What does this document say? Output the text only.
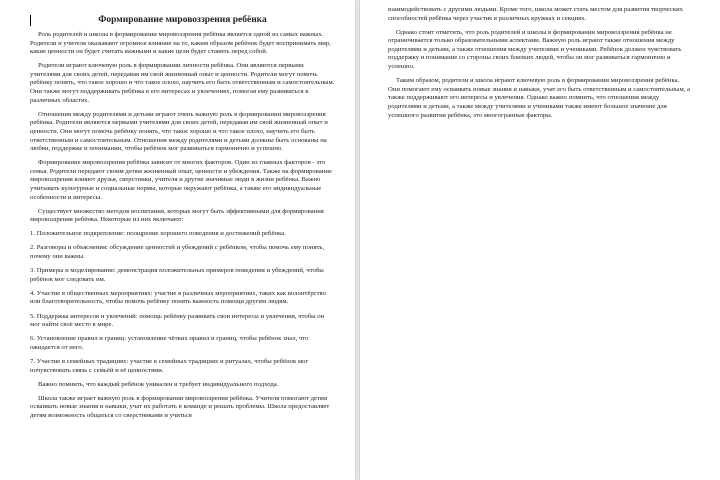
Формирование мировоззрения ребёнка

Роль родителей и школы в формировании мировоззрения ребёнка является одной из самых важных. Родители и учителя оказывают огромное влияние на то, каким образом ребёнок будет воспринимать мир, какие ценности он будет считать важными и какие цели будет ставить перед собой.

Родители играют ключевую роль в формировании личности ребёнка. Они являются первыми учителями для своих детей, передавая им свой жизненный опыт и ценности. Родители могут помочь ребёнку понять, что такое хорошо и что такое плохо, научить его быть ответственным и самостоятельным. Они также могут поддерживать ребёнка в его интересах и увлечениях, помогая ему развиваться в различных областях.

Отношения между родителями и детьми играют очень важную роль в формировании мировоззрения ребёнка. Родители являются первыми учителями для своих детей, передавая им свой жизненный опыт и ценности. Они могут помочь ребёнку понять, что такое хорошо и что такое плохо, научить его быть ответственным и самостоятельным. Отношения между родителями и детьми должны быть основаны на любви, поддержке и понимании, чтобы ребёнок мог развиваться гармонично и успешно.

Формирование мировоззрения ребёнка зависит от многих факторов. Один из главных факторов - это семья. Родители передают своим детям жизненный опыт, ценности и убеждения. Также на формирование мировоззрения влияют друзья, сверстники, учителя и другие значимые люди в жизни ребёнка. Важно учитывать культурные и социальные нормы, которые окружают ребёнка, а также его индивидуальные особенности и интересы.

Существует множество методов воспитания, которые могут быть эффективными для формирования мировоззрения ребёнка. Некоторые из них включают:

1. Положительное подкрепление: поощрение хорошего поведения и достижений ребёнка.

2. Разговоры и объяснения: обсуждение ценностей и убеждений с ребёнком, чтобы помочь ему понять, почему они важны.

3. Примеры и моделирование: демонстрация положительных примеров поведения и убеждений, чтобы ребёнок мог следовать им.

4. Участие в общественных мероприятиях: участие в различных мероприятиях, таких как волонтёрство или благотворительность, чтобы помочь ребёнку понять важность помощи другим людям.

5. Поддержка интересов и увлечений: помощь ребёнку развивать свои интересы и увлечения, чтобы он мог найти своё место в мире.

6. Установление правил и границ: установление чётких правил и границ, чтобы ребёнок знал, что ожидается от него.

7. Участие в семейных традициях: участие в семейных традициях и ритуалах, чтобы ребёнок мог почувствовать связь с семьёй и её ценностями.

Важно помнить, что каждый ребёнок уникален и требует индивидуального подхода.

Школа также играет важную роль в формировании мировоззрения ребёнка. Учителя помогают детям осваивать новые знания и навыки, учат их работать в команде и решать проблемы. Школа предоставляет детям возможность общаться со сверстниками и учиться

взаимодействовать с другими людьми. Кроме того, школа может стать местом для развития творческих способностей ребёнка через участие в различных кружках и секциях.

Однако стоит отметить, что роль родителей и школы в формировании мировоззрения ребёнка не ограничивается только образовательными аспектами. Важную роль играют также отношения между родителями и детьми, а также отношения между учителями и учениками. Ребёнок должен чувствовать поддержку и понимание со стороны своих близких людей, чтобы он мог развиваться гармонично и успешно.

Таким образом, родители и школа играют ключевую роль в формировании мировоззрения ребёнка. Они помогают ему осваивать новые знания и навыки, учат его быть ответственным и самостоятельным, а также поддерживают его интересы и увлечения. Однако важно помнить, что отношения между родителями и детьми, а также между учителями и учениками также имеют большое значение для успешного развития ребёнка, это многогранные факторы.
